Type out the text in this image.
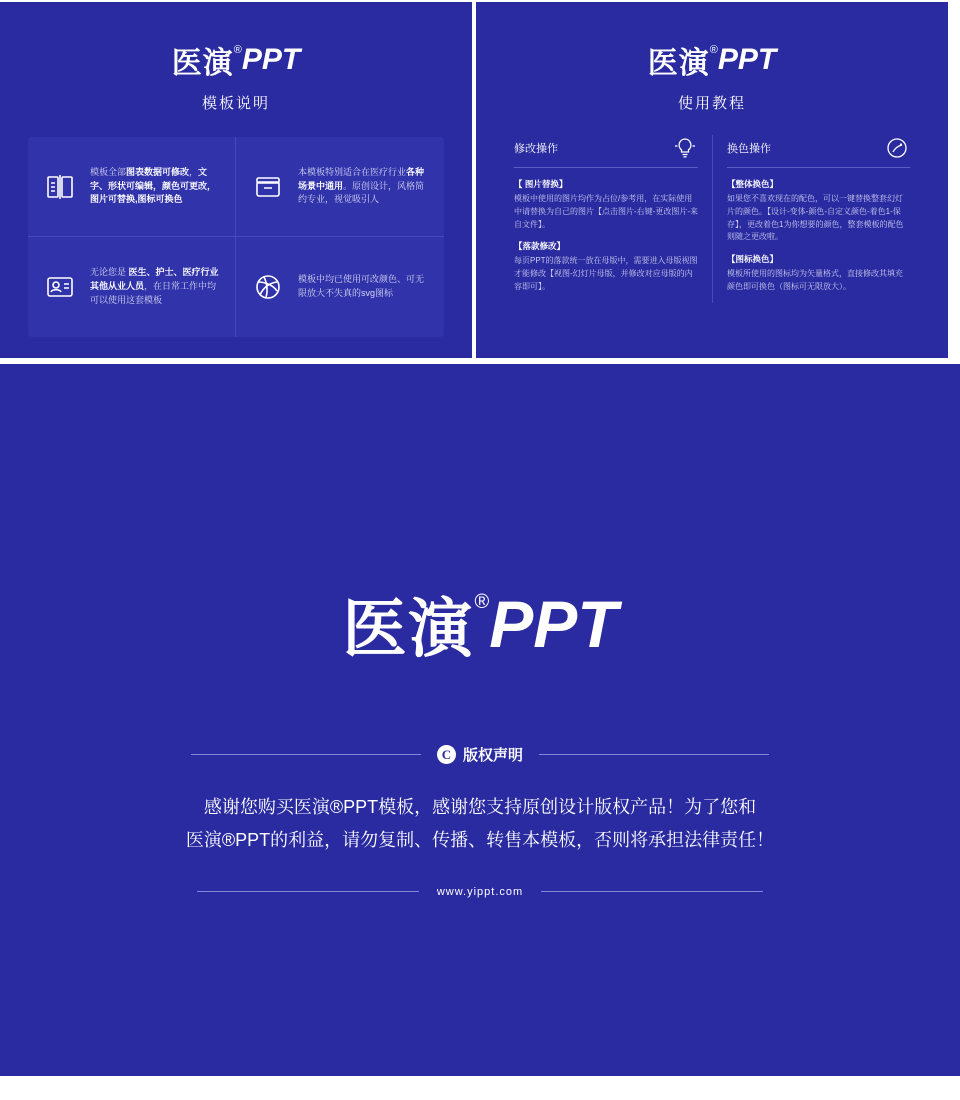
医演®PPT
模板说明
模板全部图表数据可修改，文字、形状可编辑，颜色可更改，图片可替换,图标可换色
本模板特别适合在医疗行业各种场景中通用。原创设计，风格简约专业，视觉吸引人
无论您是 医生、护士、医疗行业其他从业人员，在日常工作中均可以使用这套模板
模板中均已使用可改颜色、可无限放大不失真的svg图标
医演®PPT
使用教程
修改操作
【 图片替换】
模板中使用的图片均作为占位/参考用，在实际使用中请替换为自己的图片【点击图片-右键-更改图片-来自文件】。
【落款修改】
每页PPT的落款统一放在母版中，需要进入母版视图才能修改【视图-幻灯片母版，并修改对应母版的内容即可】。
换色操作
【整体换色】
如果您不喜欢现在的配色，可以一键替换整套幻灯片的颜色。【设计-变体-颜色-自定义颜色-着色1-保存】，更改着色1为你想要的颜色，整套模板的配色则随之更改啦。
【图标换色】
模板所使用的图标均为矢量格式，直接修改其填充颜色即可换色（图标可无限放大）。
医演®PPT
C 版权声明
感谢您购买医演®PPT模板，感谢您支持原创设计版权产品！为了您和
医演®PPT的利益，请勿复制、传播、转售本模板，否则将承担法律责任！
www.yippt.com
